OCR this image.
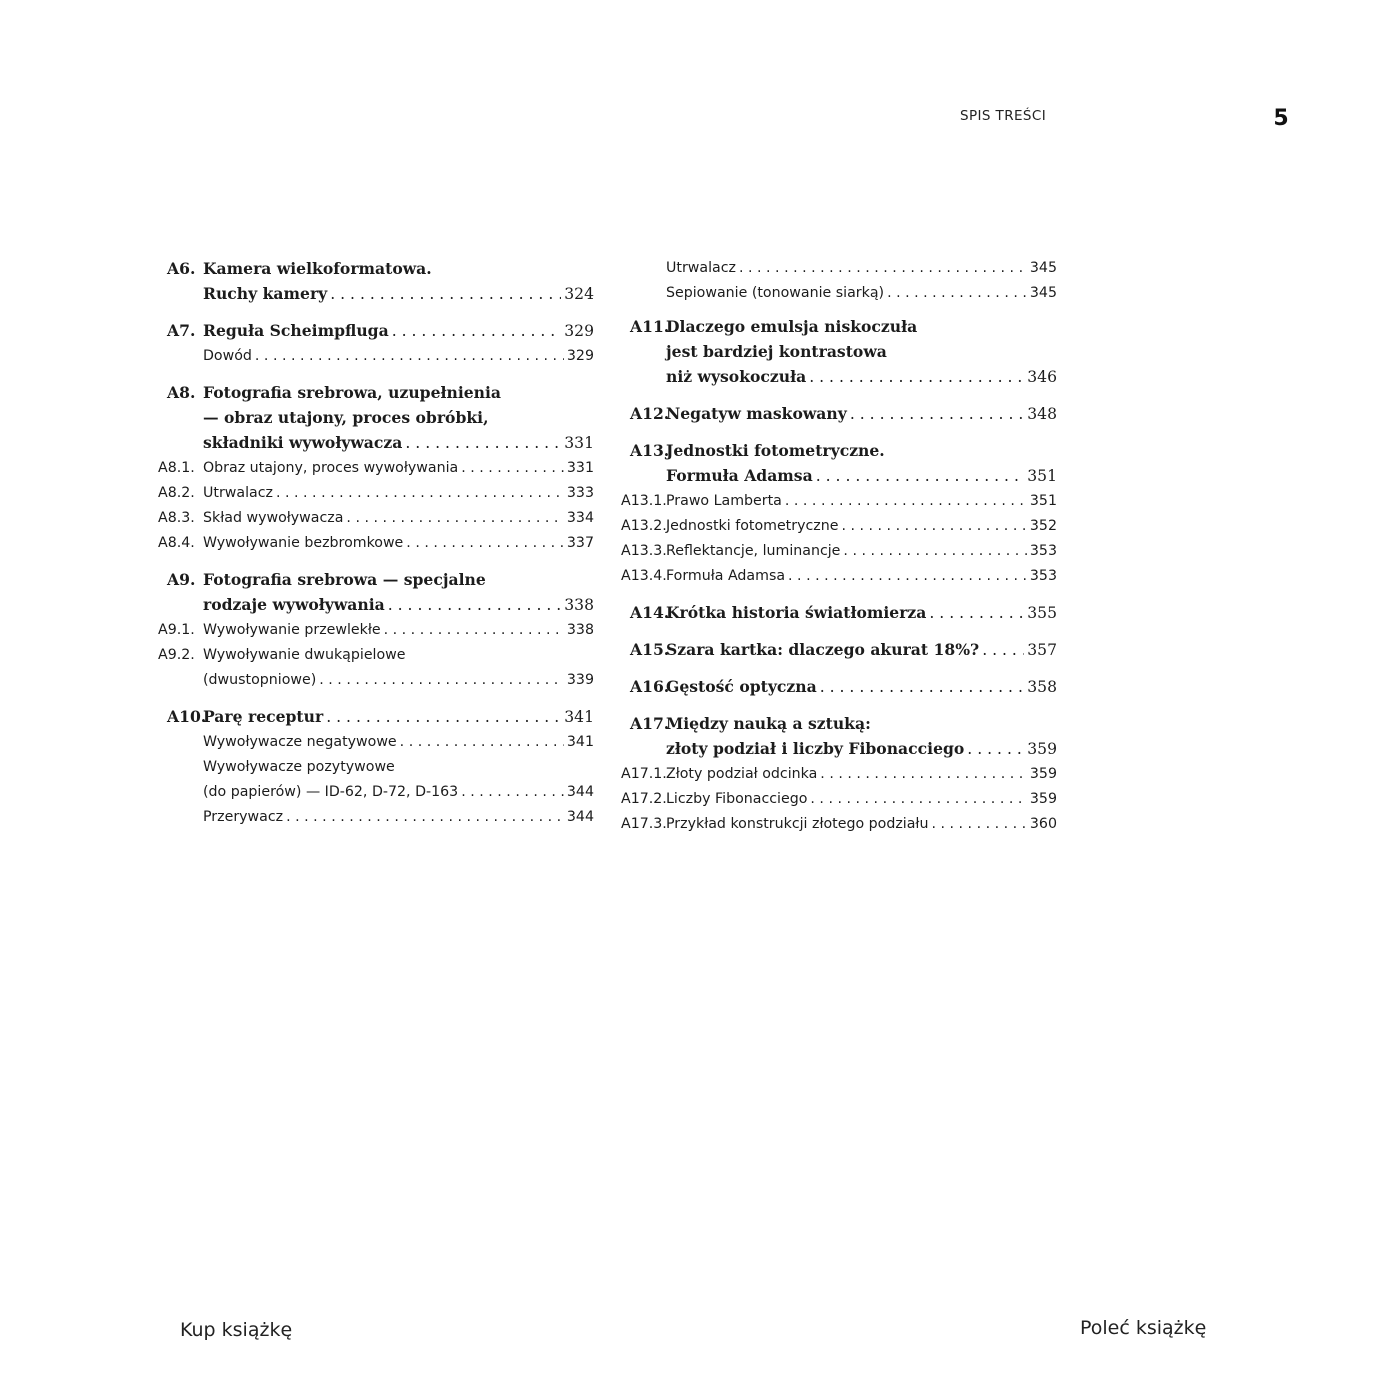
SPIS TREŚCI	5
A6. Kamera wielkoformatowa.
Ruchy kamery . . .	324
A7. Reguła Scheimpfluga . . .	329
Dowód . . .	329
A8. Fotografia srebrowa, uzupełnienia
— obraz utajony, proces obróbki,
składniki wywoływacza . . .	331
A8.1. Obraz utajony, proces wywoływania . . .	331
A8.2. Utrwalacz . . .	333
A8.3. Skład wywoływacza . . .	334
A8.4. Wywoływanie bezbromkowe . . .	337
A9. Fotografia srebrowa — specjalne
rodzaje wywoływania . . .	338
A9.1. Wywoływanie przewlekłe . . .	338
A9.2. Wywoływanie dwukąpielowe
(dwustopniowe) . . .	339
A10.
Parę receptur . . .	341
Wywoływacze negatywowe . . .	341
Wywoływacze pozytywowe
(do papierów) — ID-62, D-72, D-163 . . .	344
Przerywacz . . .	344
Utrwalacz . . .	345
Sepiowanie (tonowanie siarką) . . .	345
A11.
Dlaczego emulsja niskoczuła
jest bardziej kontrastowa
niż wysokoczuła . . .	346
A12.
Negatyw maskowany . . .	348
A13.
Jednostki fotometryczne.
Formuła Adamsa . . .	351
A13.1. Prawo Lamberta . . .	351
A13.2. Jednostki fotometryczne . . .	352
A13.3. Reflektancje, luminancje . . .	353
A13.4. Formuła Adamsa . . .	353
A14.
Krótka historia światłomierza . . .	355
A15.
Szara kartka: dlaczego akurat 18%? . . .	357
A16.
Gęstość optyczna . . .	358
A17.
Między nauką a sztuką:
złoty podział i liczby Fibonacciego . . .	359
A17.1. Złoty podział odcinka . . .	359
A17.2. Liczby Fibonacciego . . .	359
A17.3. Przykład konstrukcji złotego podziału . . .	360
Kup książkę	Poleć książkę
